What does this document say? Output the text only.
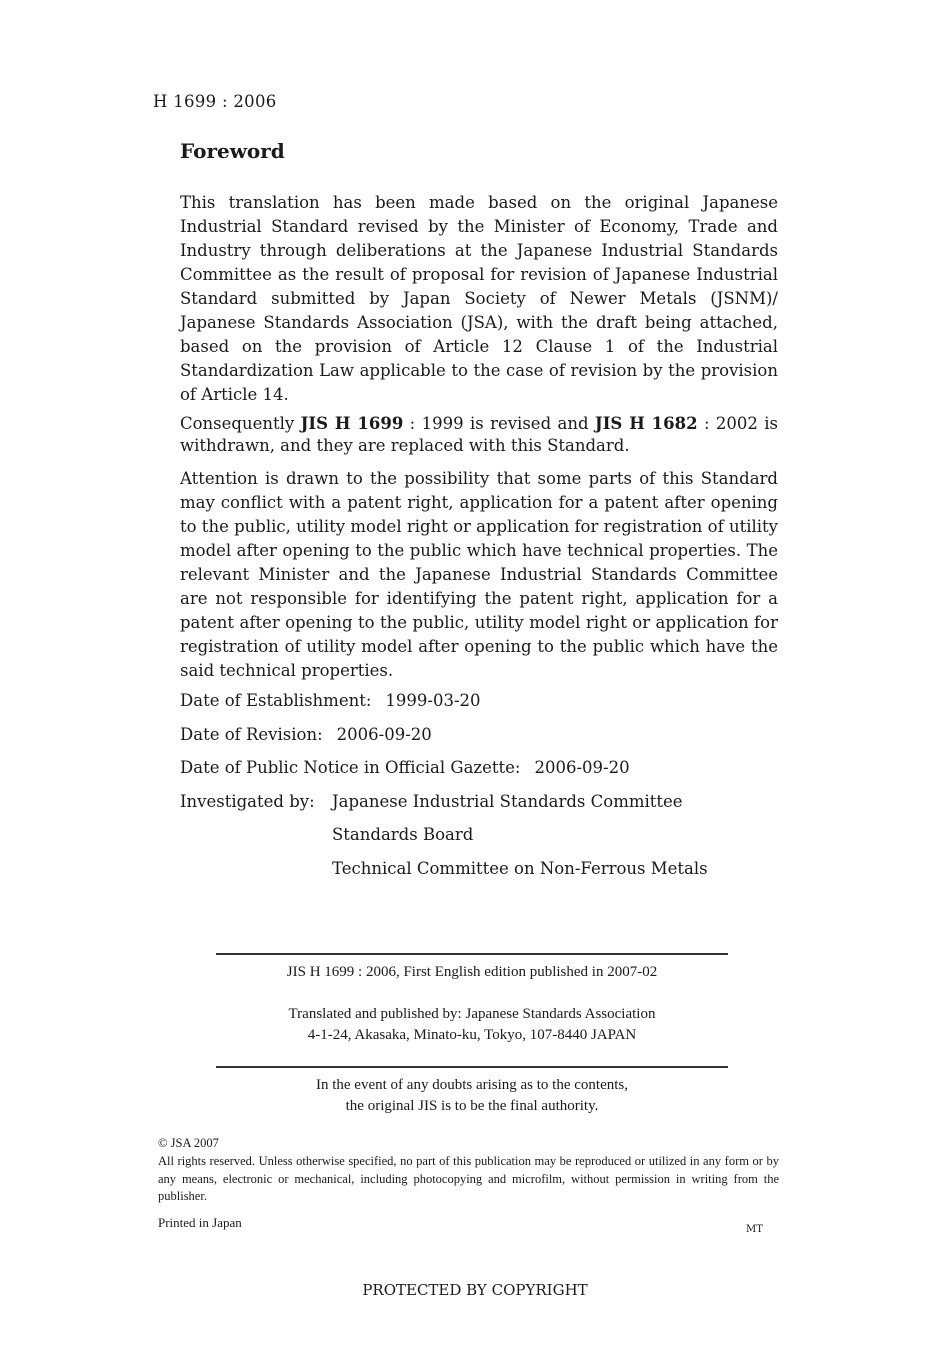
H 1699 : 2006
Foreword

This translation has been made based on the original Japanese Industrial Standard revised by the Minister of Economy, Trade and Industry through deliberations at the Japanese Industrial Standards Committee as the result of proposal for revision of Japanese Industrial Standard submitted by Japan Society of Newer Metals (JSNM)/ Japanese Standards Association (JSA), with the draft being attached, based on the provision of Article 12 Clause 1 of the Industrial Standardization Law applicable to the case of revision by the provision of Article 14.

Consequently JIS H 1699 : 1999 is revised and JIS H 1682 : 2002 is withdrawn, and they are replaced with this Standard.

Attention is drawn to the possibility that some parts of this Standard may conflict with a patent right, application for a patent after opening to the public, utility model right or application for registration of utility model after opening to the public which have technical properties. The relevant Minister and the Japanese Industrial Standards Committee are not responsible for identifying the patent right, application for a patent after opening to the public, utility model right or application for registration of utility model after opening to the public which have the said technical properties.

Date of Establishment: 1999-03-20
Date of Revision: 2006-09-20
Date of Public Notice in Official Gazette: 2006-09-20
Investigated by:	Japanese Industrial Standards Committee
Standards Board
Technical Committee on Non-Ferrous Metals
JIS H 1699 : 2006, First English edition published in 2007-02
Translated and published by: Japanese Standards Association
4-1-24, Akasaka, Minato-ku, Tokyo, 107-8440 JAPAN
In the event of any doubts arising as to the contents,
the original JIS is to be the final authority.
© JSA 2007
All rights reserved. Unless otherwise specified, no part of this publication may be reproduced or utilized in any form or by any means, electronic or mechanical, including photocopying and microfilm, without permission in writing from the publisher.
Printed in Japan	MT
PROTECTED BY COPYRIGHT
